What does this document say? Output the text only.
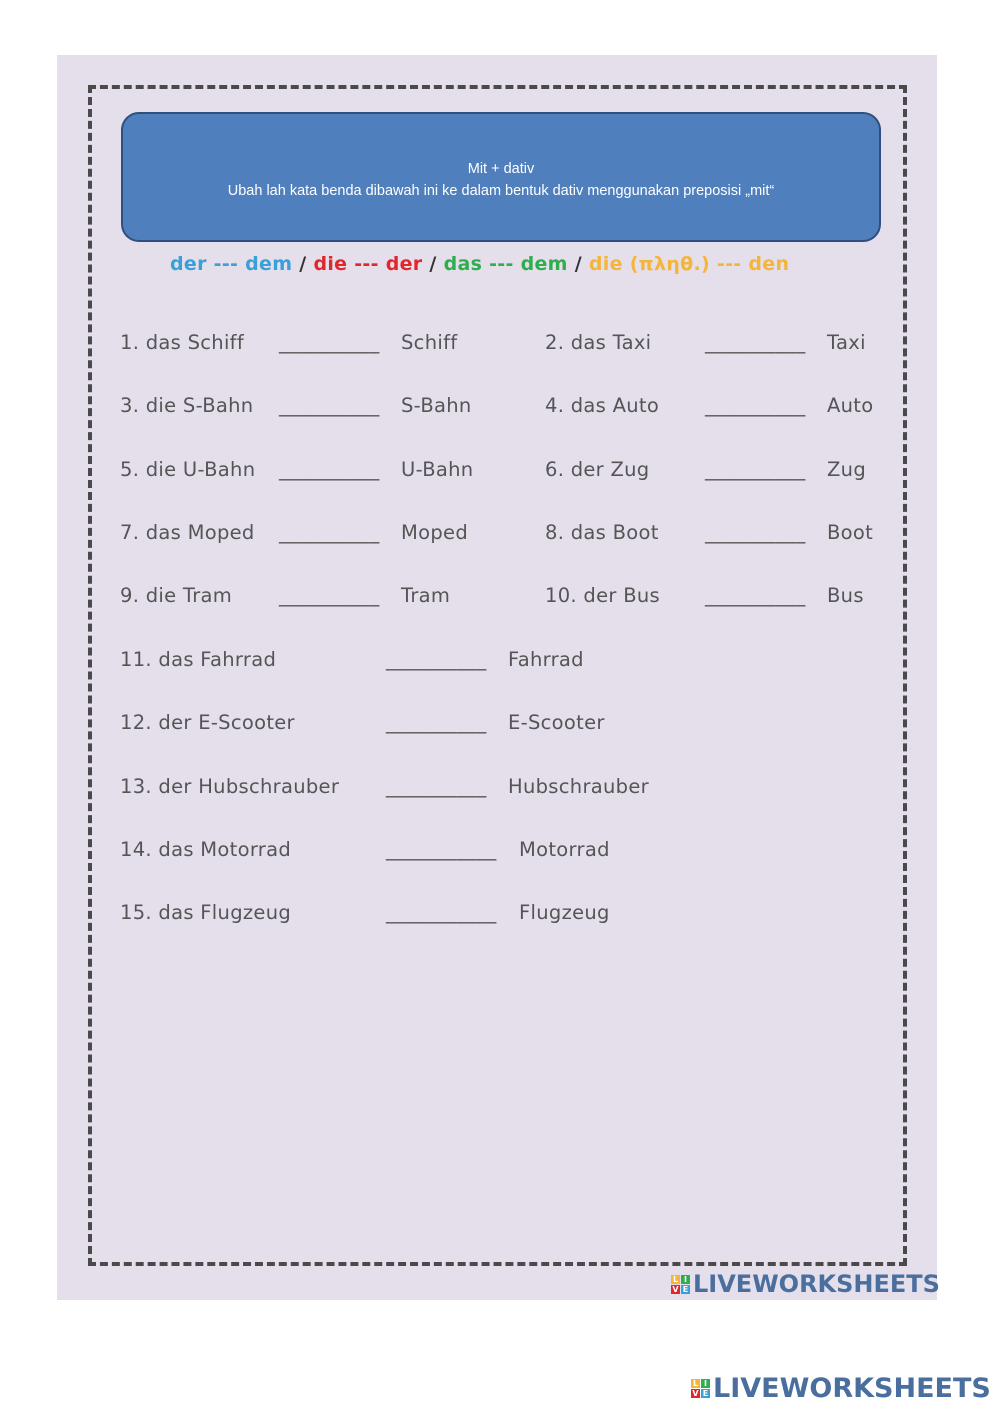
Mit + dativ
Ubah lah kata benda dibawah ini ke dalam bentuk dativ menggunakan preposisi „mit“
der --- dem / die --- der / das --- dem / die (πληθ.) --- den
1. das Schiff __________ Schiff	2. das Taxi	__________ Taxi
3. die S-Bahn __________ S-Bahn	4. das Auto __________ Auto
5. die U-Bahn __________ U-Bahn	6. der Zug	__________ Zug
7. das Moped __________ Moped	8. das Boot __________ Boot
9. die Tram __________ Tram	10. der Bus __________ Bus
11. das Fahrrad	__________ Fahrrad
12. der E-Scooter	__________ E-Scooter
13. der Hubschrauber __________ Hubschrauber
14. das Motorrad	___________ Motorrad
15. das Flugzeug	___________ Flugzeug
L I
V E LIVEWORKSHEETS
L I
V E LIVEWORKSHEETS
